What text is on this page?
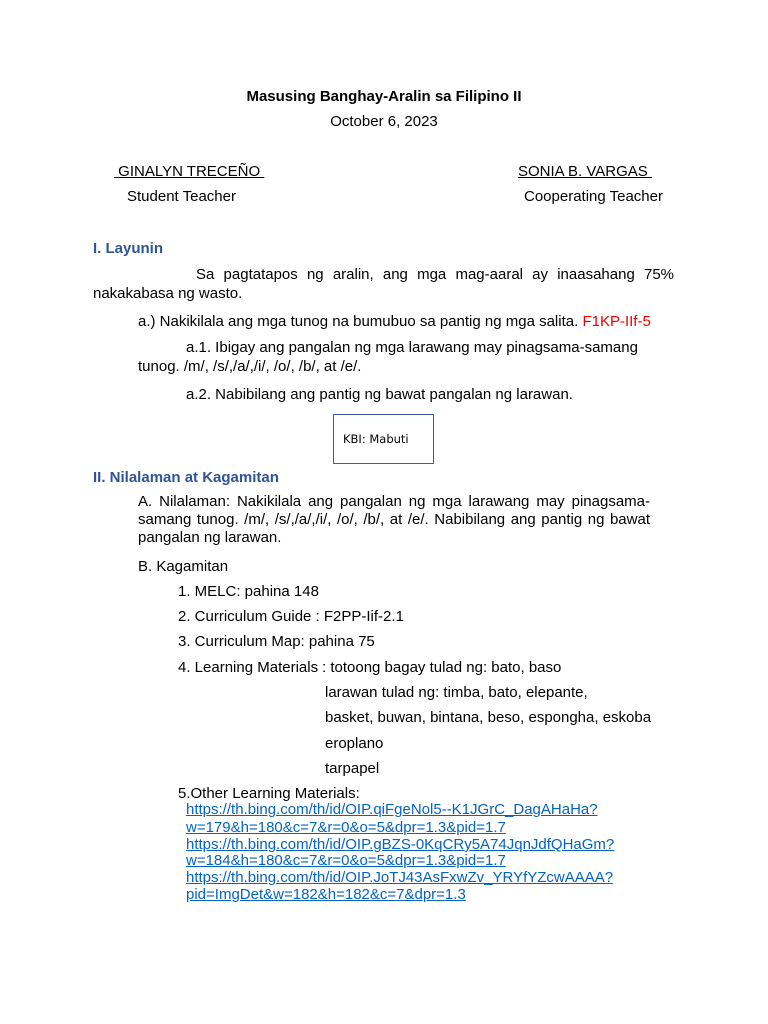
Masusing Banghay-Aralin sa Filipino II
October 6, 2023
GINALYN TRECEÑO
Student Teacher
SONIA B. VARGAS
Cooperating Teacher
I. Layunin
Sa pagtatapos ng aralin, ang mga mag-aaral ay inaasahang 75%
nakakabasa ng wasto.
a.) Nakikilala ang mga tunog na bumubuo sa pantig ng mga salita. F1KP-IIf-5
a.1. Ibigay ang pangalan ng mga larawang may pinagsama-samang
tunog. /m/, /s/,/a/,/i/, /o/, /b/, at /e/.
a.2. Nabibilang ang pantig ng bawat pangalan ng larawan.
KBI: Mabuti
II. Nilalaman at Kagamitan
A. Nilalaman: Nakikilala ang pangalan ng mga larawang may pinagsama-samang tunog. /m/, /s/,/a/,/i/, /o/, /b/, at /e/. Nabibilang ang pantig ng bawat pangalan ng larawan.
B. Kagamitan
1. MELC: pahina 148
2. Curriculum Guide : F2PP-Iif-2.1
3. Curriculum Map: pahina 75
4. Learning Materials : totoong bagay tulad ng: bato, baso
larawan tulad ng: timba, bato, elepante,
basket, buwan, bintana, beso, espongha, eskoba
eroplano
tarpapel
5.Other Learning Materials:
https://th.bing.com/th/id/OIP.qiFgeNol5--K1JGrC_DagAHaHa?
w=179&h=180&c=7&r=0&o=5&dpr=1.3&pid=1.7
https://th.bing.com/th/id/OIP.gBZS-0KqCRy5A74JqnJdfQHaGm?
w=184&h=180&c=7&r=0&o=5&dpr=1.3&pid=1.7
https://th.bing.com/th/id/OIP.JoTJ43AsFxwZv_YRYfYZcwAAAA?
pid=ImgDet&w=182&h=182&c=7&dpr=1.3
